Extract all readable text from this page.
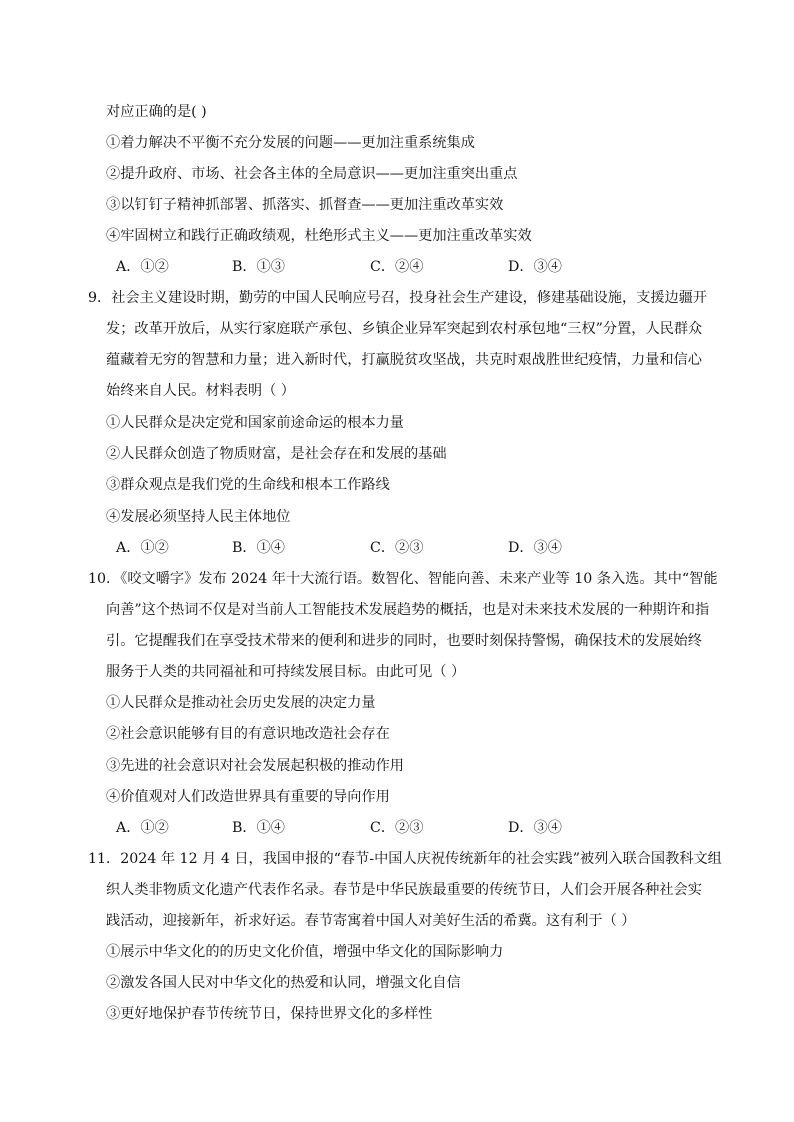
对应正确的是( )
①着力解决不平衡不充分发展的问题——更加注重系统集成
②提升政府、市场、社会各主体的全局意识——更加注重突出重点
③以钉钉子精神抓部署、抓落实、抓督查——更加注重改革实效
④牢固树立和践行正确政绩观，杜绝形式主义——更加注重改革实效
A．①②	B．①③	C．②④	D．③④
9．社会主义建设时期，勤劳的中国人民响应号召，投身社会生产建设，修建基础设施，支援边疆开
发；改革开放后，从实行家庭联产承包、乡镇企业异军突起到农村承包地“三权”分置，人民群众
蕴藏着无穷的智慧和力量；进入新时代，打赢脱贫攻坚战，共克时艰战胜世纪疫情，力量和信心
始终来自人民。材料表明（ ）
①人民群众是决定党和国家前途命运的根本力量
②人民群众创造了物质财富，是社会存在和发展的基础
③群众观点是我们党的生命线和根本工作路线
④发展必须坚持人民主体地位
A．①②	B．①④	C．②③	D．③④
10．《咬文嚼字》发布 2024 年十大流行语。数智化、智能向善、未来产业等 10 条入选。其中“智能
向善”这个热词不仅是对当前人工智能技术发展趋势的概括，也是对未来技术发展的一种期许和指
引。它提醒我们在享受技术带来的便利和进步的同时，也要时刻保持警惕，确保技术的发展始终
服务于人类的共同福祉和可持续发展目标。由此可见（ ）
①人民群众是推动社会历史发展的决定力量
②社会意识能够有目的有意识地改造社会存在
③先进的社会意识对社会发展起积极的推动作用
④价值观对人们改造世界具有重要的导向作用
A．①②	B．①④	C．②③	D．③④
11．2024 年 12 月 4 日，我国申报的“春节-中国人庆祝传统新年的社会实践”被列入联合国教科文组
织人类非物质文化遗产代表作名录。春节是中华民族最重要的传统节日，人们会开展各种社会实
践活动，迎接新年，祈求好运。春节寄寓着中国人对美好生活的希冀。这有利于（ ）
①展示中华文化的的历史文化价值，增强中华文化的国际影响力
②激发各国人民对中华文化的热爱和认同，增强文化自信
③更好地保护春节传统节日，保持世界文化的多样性
